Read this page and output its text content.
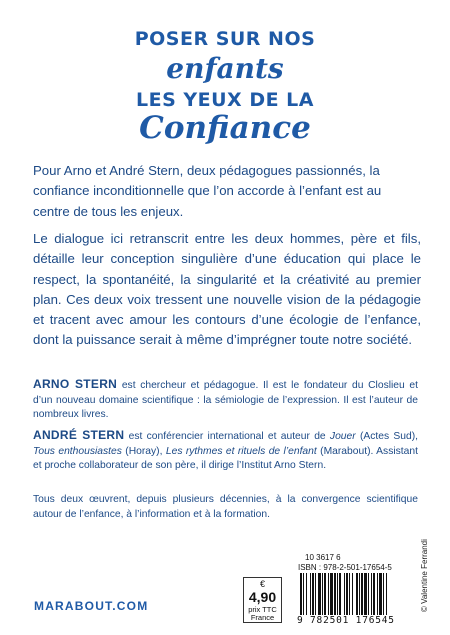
POSER SUR NOS
enfants
LES YEUX DE LA
Confiance

Pour Arno et André Stern, deux pédagogues passionnés, la confiance inconditionnelle que l’on accorde à l’enfant est au centre de tous les enjeux.

Le dialogue ici retranscrit entre les deux hommes, père et fils, détaille leur conception singulière d’une éducation qui place le respect, la spontanéité, la singularité et la créativité au premier plan. Ces deux voix tressent une nouvelle vision de la pédagogie et tracent avec amour les contours d’une écologie de l’enfance, dont la puissance serait à même d’imprégner toute notre société.

ARNO STERN est chercheur et pédagogue. Il est le fondateur du Closlieu et d’un nouveau domaine scientifique : la sémiologie de l’expression. Il est l’auteur de nombreux livres.

ANDRÉ STERN est conférencier international et auteur de Jouer (Actes Sud), Tous enthousiastes (Horay), Les rythmes et rituels de l’enfant (Marabout). Assistant et proche collaborateur de son père, il dirige l’Institut Arno Stern.

Tous deux œuvrent, depuis plusieurs décennies, à la convergence scientifique autour de l’enfance, à l’information et à la formation.

© Valentine Ferrandi
10 3617 6
ISBN : 978-2-501-17654-5
9 782501 176545
€
4,90
prix TTC
France
MARABOUT.COM
